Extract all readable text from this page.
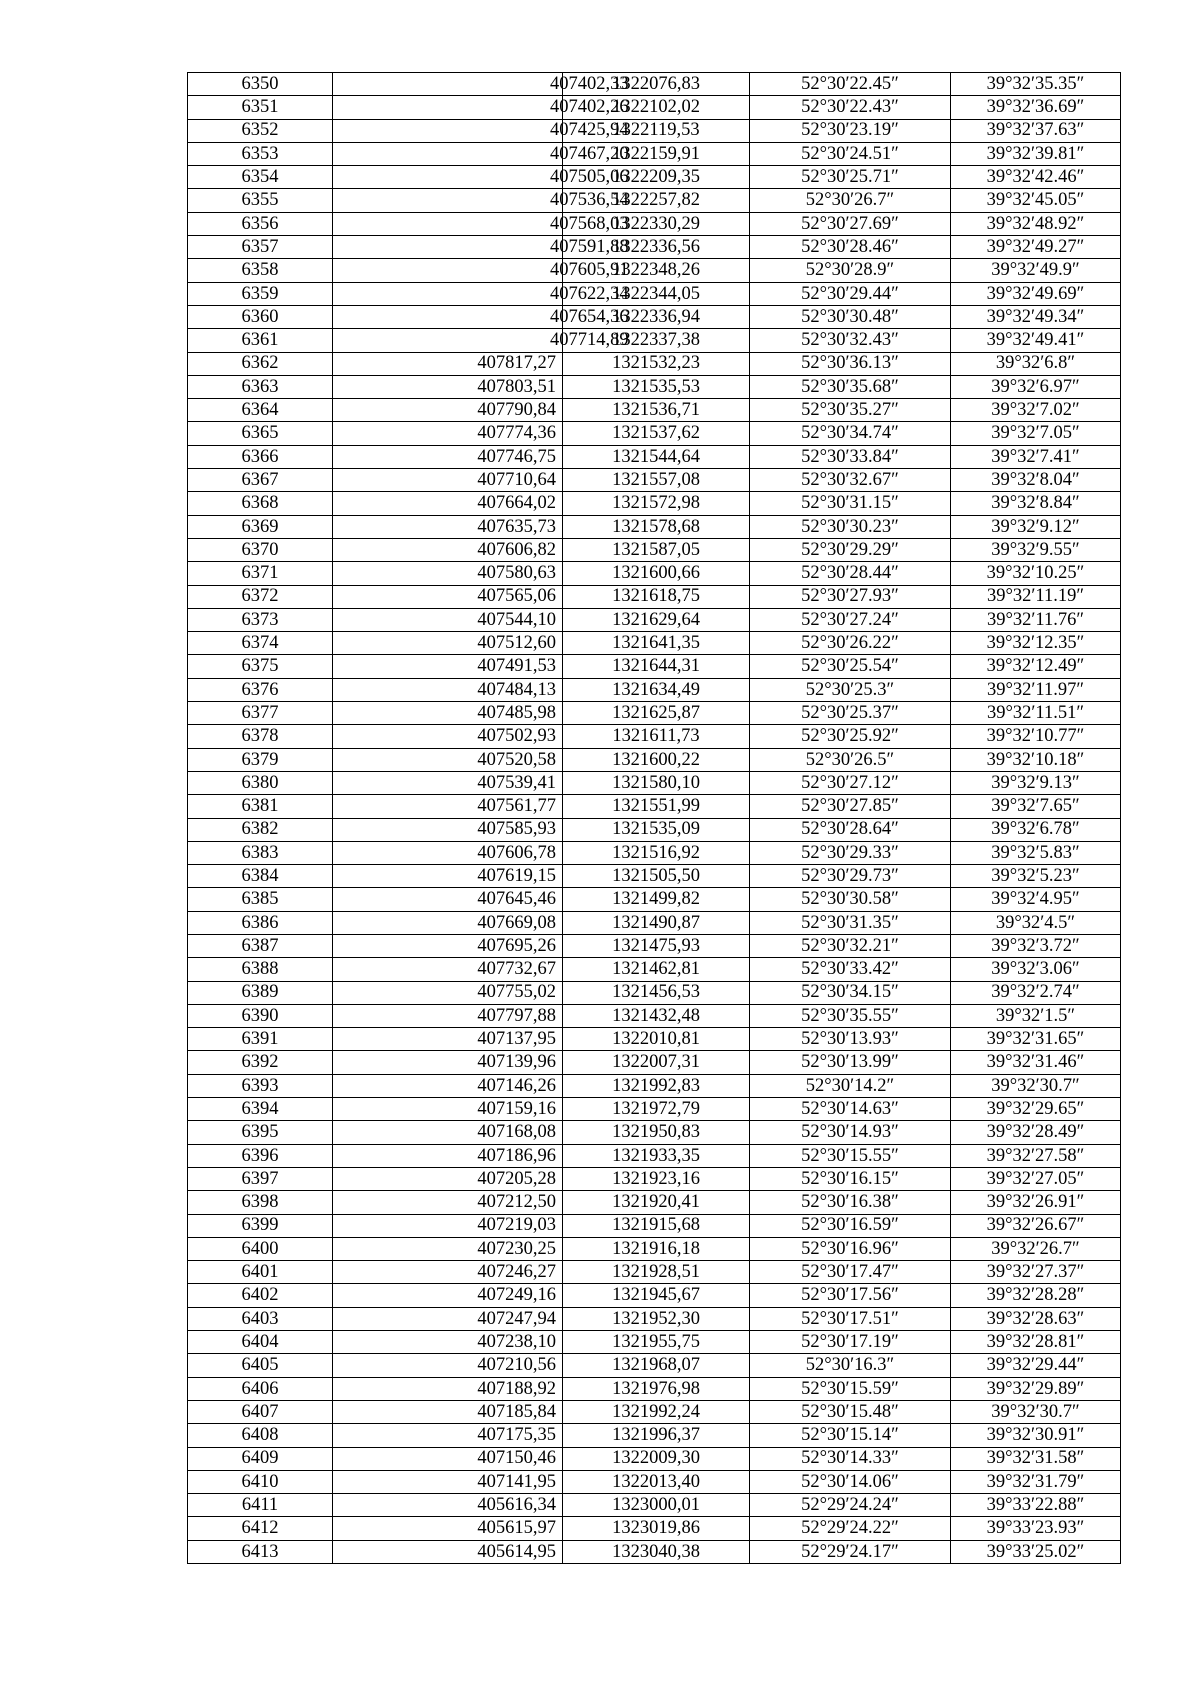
6350	407402,33	1322076,83	52°30′22.45″	39°32′35.35″
6351	407402,26	1322102,02	52°30′22.43″	39°32′36.69″
6352	407425,94	1322119,53	52°30′23.19″	39°32′37.63″
6353	407467,20	1322159,91	52°30′24.51″	39°32′39.81″
6354	407505,06	1322209,35	52°30′25.71″	39°32′42.46″
6355	407536,54	1322257,82	52°30′26.7″	39°32′45.05″
6356	407568,03	1322330,29	52°30′27.69″	39°32′48.92″
6357	407591,88	1322336,56	52°30′28.46″	39°32′49.27″
6358	407605,91	1322348,26	52°30′28.9″	39°32′49.9″
6359	407622,34	1322344,05	52°30′29.44″	39°32′49.69″
6360	407654,36	1322336,94	52°30′30.48″	39°32′49.34″
6361	407714,89	1322337,38	52°30′32.43″	39°32′49.41″
6362	407817,27	1321532,23	52°30′36.13″	39°32′6.8″
6363	407803,51	1321535,53	52°30′35.68″	39°32′6.97″
6364	407790,84	1321536,71	52°30′35.27″	39°32′7.02″
6365	407774,36	1321537,62	52°30′34.74″	39°32′7.05″
6366	407746,75	1321544,64	52°30′33.84″	39°32′7.41″
6367	407710,64	1321557,08	52°30′32.67″	39°32′8.04″
6368	407664,02	1321572,98	52°30′31.15″	39°32′8.84″
6369	407635,73	1321578,68	52°30′30.23″	39°32′9.12″
6370	407606,82	1321587,05	52°30′29.29″	39°32′9.55″
6371	407580,63	1321600,66	52°30′28.44″	39°32′10.25″
6372	407565,06	1321618,75	52°30′27.93″	39°32′11.19″
6373	407544,10	1321629,64	52°30′27.24″	39°32′11.76″
6374	407512,60	1321641,35	52°30′26.22″	39°32′12.35″
6375	407491,53	1321644,31	52°30′25.54″	39°32′12.49″
6376	407484,13	1321634,49	52°30′25.3″	39°32′11.97″
6377	407485,98	1321625,87	52°30′25.37″	39°32′11.51″
6378	407502,93	1321611,73	52°30′25.92″	39°32′10.77″
6379	407520,58	1321600,22	52°30′26.5″	39°32′10.18″
6380	407539,41	1321580,10	52°30′27.12″	39°32′9.13″
6381	407561,77	1321551,99	52°30′27.85″	39°32′7.65″
6382	407585,93	1321535,09	52°30′28.64″	39°32′6.78″
6383	407606,78	1321516,92	52°30′29.33″	39°32′5.83″
6384	407619,15	1321505,50	52°30′29.73″	39°32′5.23″
6385	407645,46	1321499,82	52°30′30.58″	39°32′4.95″
6386	407669,08	1321490,87	52°30′31.35″	39°32′4.5″
6387	407695,26	1321475,93	52°30′32.21″	39°32′3.72″
6388	407732,67	1321462,81	52°30′33.42″	39°32′3.06″
6389	407755,02	1321456,53	52°30′34.15″	39°32′2.74″
6390	407797,88	1321432,48	52°30′35.55″	39°32′1.5″
6391	407137,95	1322010,81	52°30′13.93″	39°32′31.65″
6392	407139,96	1322007,31	52°30′13.99″	39°32′31.46″
6393	407146,26	1321992,83	52°30′14.2″	39°32′30.7″
6394	407159,16	1321972,79	52°30′14.63″	39°32′29.65″
6395	407168,08	1321950,83	52°30′14.93″	39°32′28.49″
6396	407186,96	1321933,35	52°30′15.55″	39°32′27.58″
6397	407205,28	1321923,16	52°30′16.15″	39°32′27.05″
6398	407212,50	1321920,41	52°30′16.38″	39°32′26.91″
6399	407219,03	1321915,68	52°30′16.59″	39°32′26.67″
6400	407230,25	1321916,18	52°30′16.96″	39°32′26.7″
6401	407246,27	1321928,51	52°30′17.47″	39°32′27.37″
6402	407249,16	1321945,67	52°30′17.56″	39°32′28.28″
6403	407247,94	1321952,30	52°30′17.51″	39°32′28.63″
6404	407238,10	1321955,75	52°30′17.19″	39°32′28.81″
6405	407210,56	1321968,07	52°30′16.3″	39°32′29.44″
6406	407188,92	1321976,98	52°30′15.59″	39°32′29.89″
6407	407185,84	1321992,24	52°30′15.48″	39°32′30.7″
6408	407175,35	1321996,37	52°30′15.14″	39°32′30.91″
6409	407150,46	1322009,30	52°30′14.33″	39°32′31.58″
6410	407141,95	1322013,40	52°30′14.06″	39°32′31.79″
6411	405616,34	1323000,01	52°29′24.24″	39°33′22.88″
6412	405615,97	1323019,86	52°29′24.22″	39°33′23.93″
6413	405614,95	1323040,38	52°29′24.17″	39°33′25.02″
